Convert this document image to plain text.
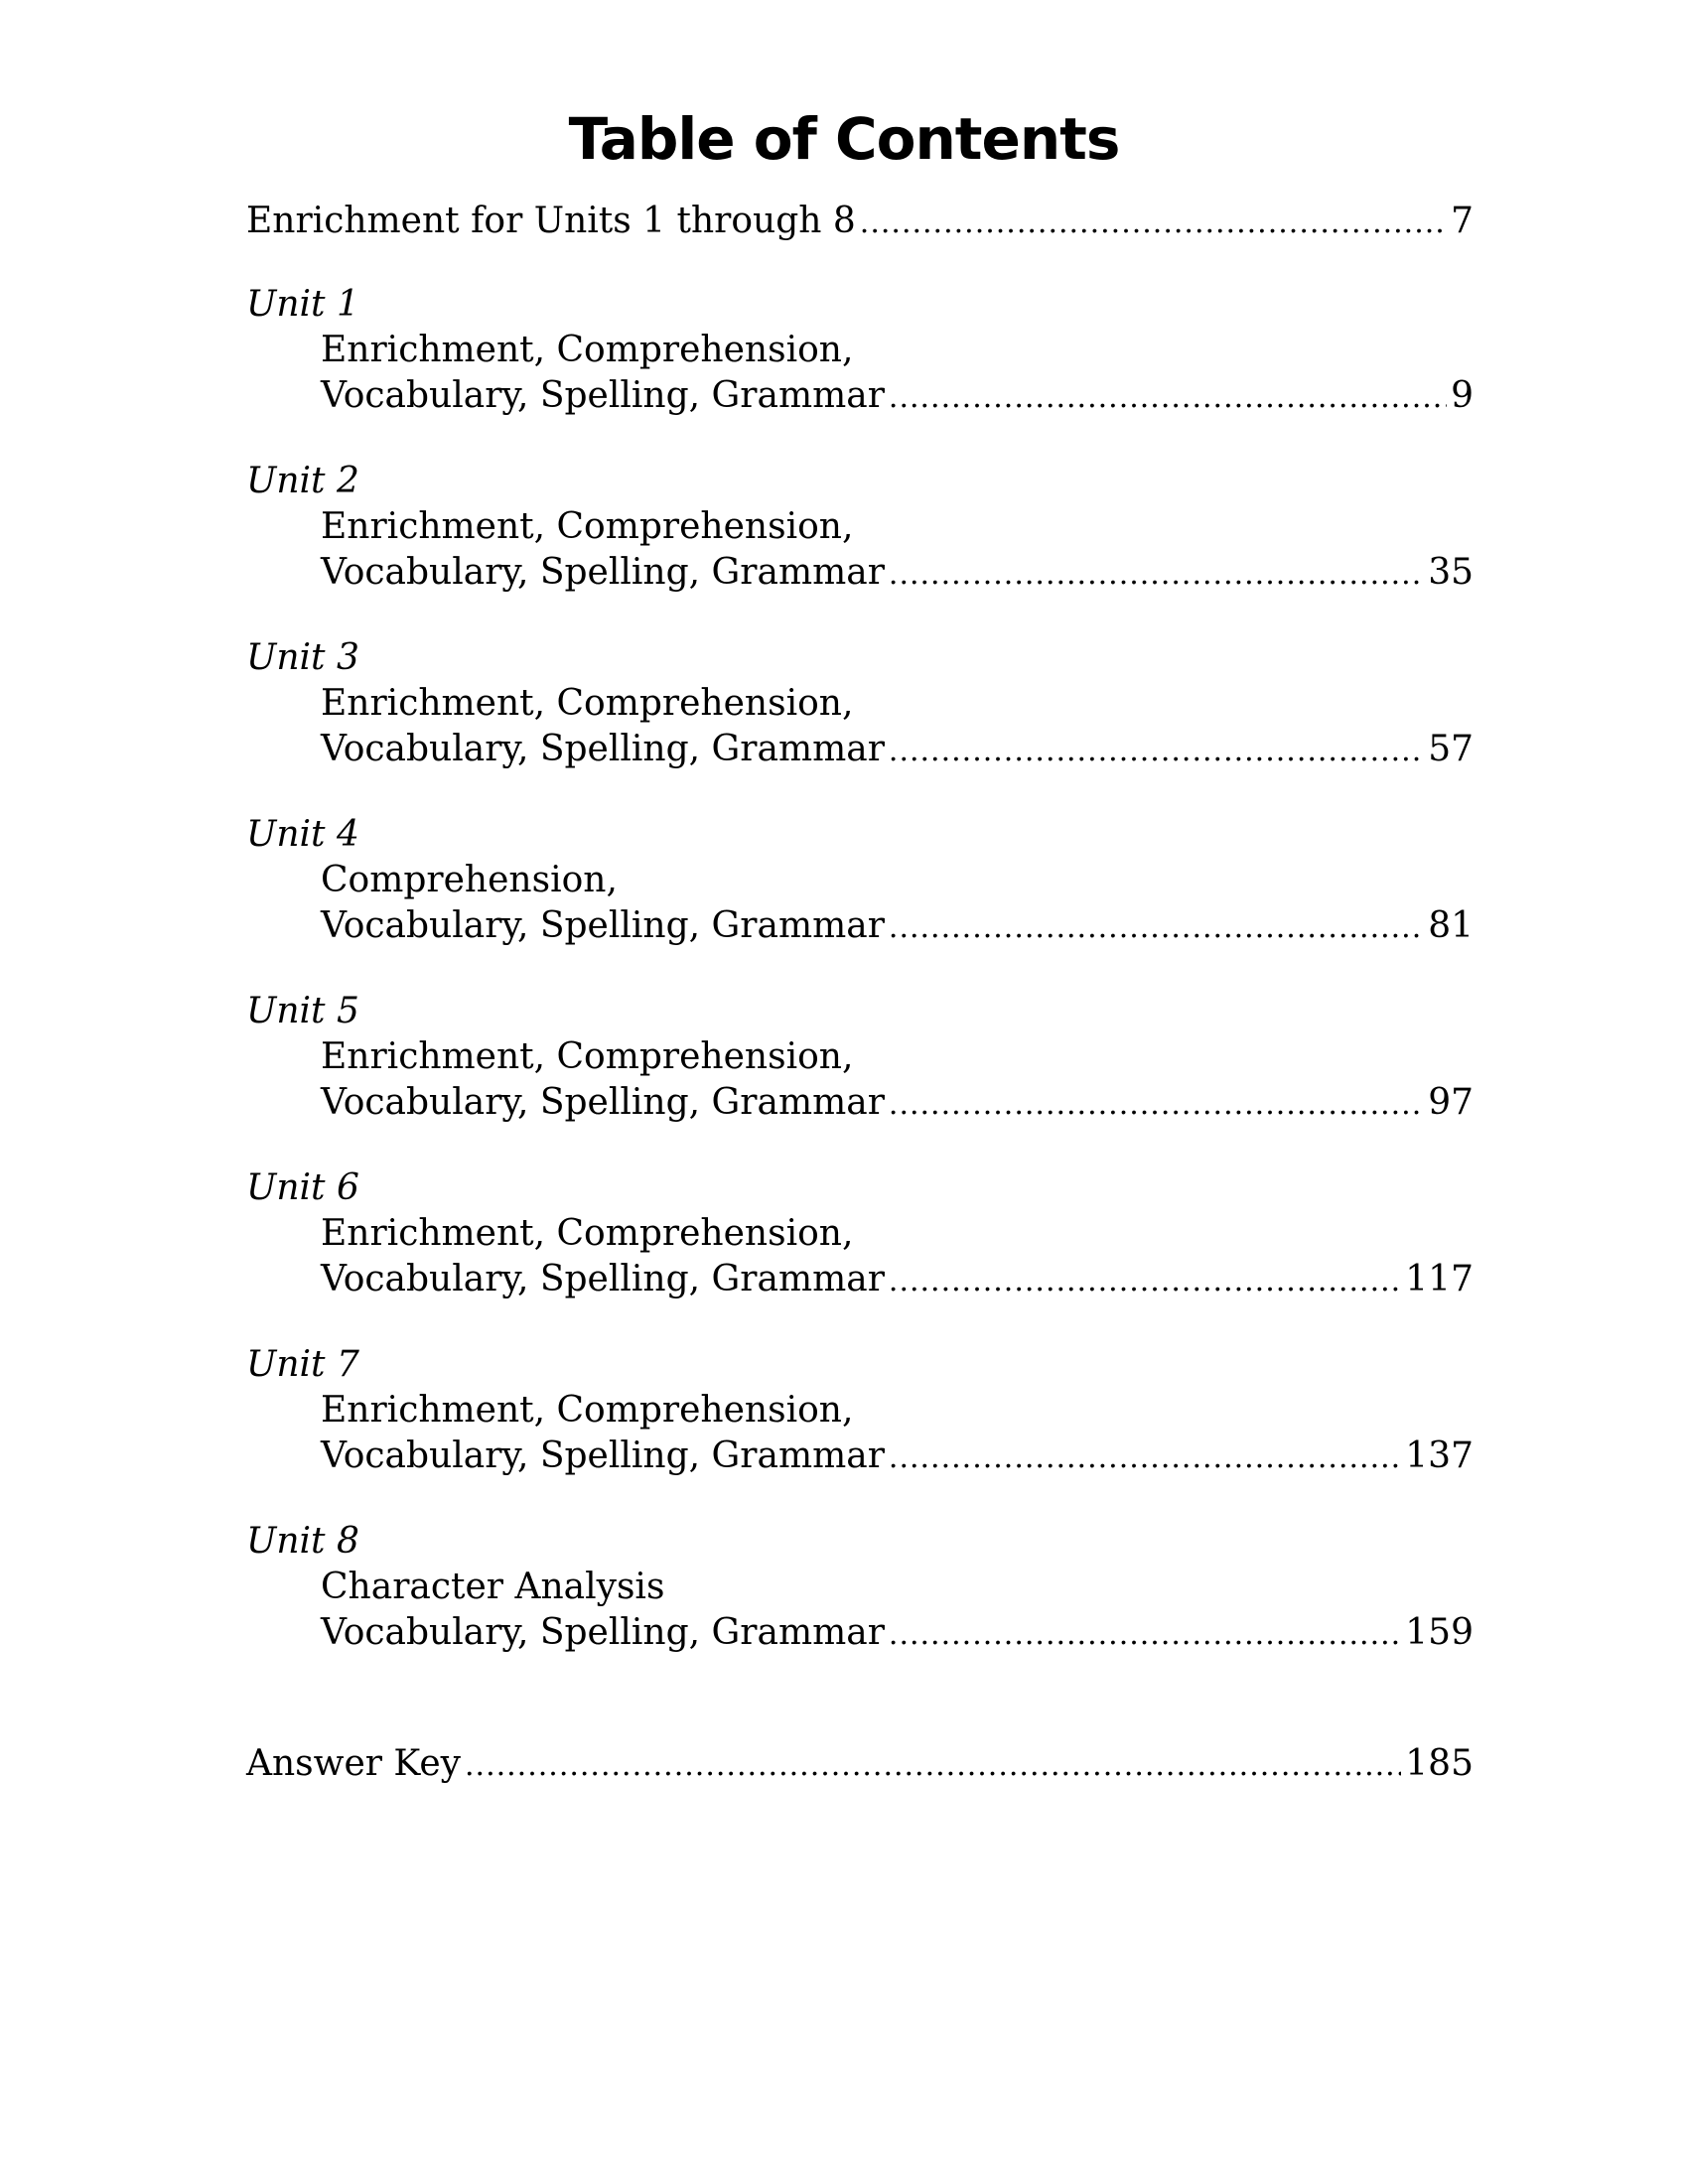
Table of Contents
Enrichment for Units 1 through 8 .....	7
Unit 1
Enrichment, Comprehension,
Vocabulary, Spelling, Grammar .....	9
Unit 2
Enrichment, Comprehension,
Vocabulary, Spelling, Grammar .....	35
Unit 3
Enrichment, Comprehension,
Vocabulary, Spelling, Grammar .....	57
Unit 4
Comprehension,
Vocabulary, Spelling, Grammar .....	81
Unit 5
Enrichment, Comprehension,
Vocabulary, Spelling, Grammar .....	97
Unit 6
Enrichment, Comprehension,
Vocabulary, Spelling, Grammar .....	117
Unit 7
Enrichment, Comprehension,
Vocabulary, Spelling, Grammar .....	137
Unit 8
Character Analysis
Vocabulary, Spelling, Grammar .....	159
Answer Key .....	185
